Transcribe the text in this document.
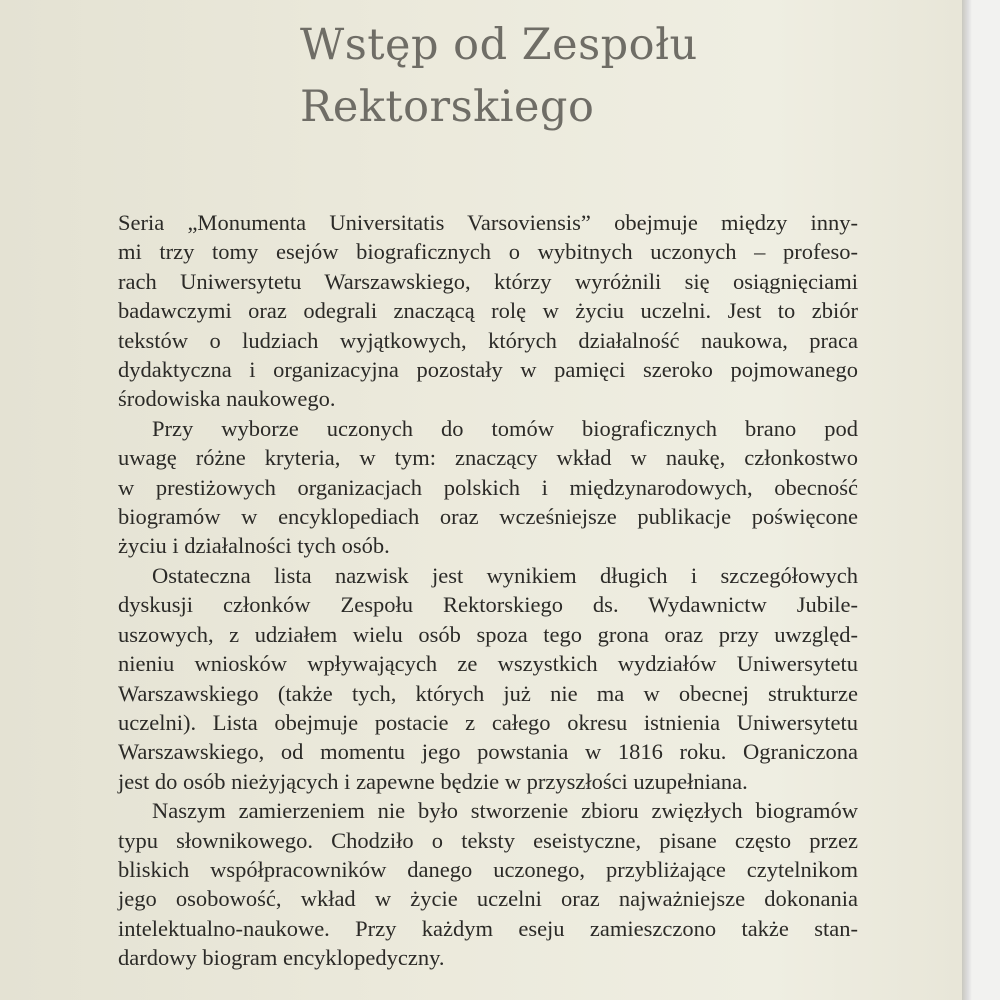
Wstęp od Zespołu
Rektorskiego
Seria „Monumenta Universitatis Varsoviensis” obejmuje między inny-
mi trzy tomy esejów biograficznych o wybitnych uczonych – profeso-
rach Uniwersytetu Warszawskiego, którzy wyróżnili się osiągnięciami
badawczymi oraz odegrali znaczącą rolę w życiu uczelni. Jest to zbiór
tekstów o ludziach wyjątkowych, których działalność naukowa, praca
dydaktyczna i organizacyjna pozostały w pamięci szeroko pojmowanego
środowiska naukowego.
Przy wyborze uczonych do tomów biograficznych brano pod
uwagę różne kryteria, w tym: znaczący wkład w naukę, członkostwo
w prestiżowych organizacjach polskich i międzynarodowych, obecność
biogramów w encyklopediach oraz wcześniejsze publikacje poświęcone
życiu i działalności tych osób.
Ostateczna lista nazwisk jest wynikiem długich i szczegółowych
dyskusji członków Zespołu Rektorskiego ds. Wydawnictw Jubile-
uszowych, z udziałem wielu osób spoza tego grona oraz przy uwzględ-
nieniu wniosków wpływających ze wszystkich wydziałów Uniwersytetu
Warszawskiego (także tych, których już nie ma w obecnej strukturze
uczelni). Lista obejmuje postacie z całego okresu istnienia Uniwersytetu
Warszawskiego, od momentu jego powstania w 1816 roku. Ograniczona
jest do osób nieżyjących i zapewne będzie w przyszłości uzupełniana.
Naszym zamierzeniem nie było stworzenie zbioru zwięzłych biogramów
typu słownikowego. Chodziło o teksty eseistyczne, pisane często przez
bliskich współpracowników danego uczonego, przybliżające czytelnikom
jego osobowość, wkład w życie uczelni oraz najważniejsze dokonania
intelektualno-naukowe. Przy każdym eseju zamieszczono także stan-
dardowy biogram encyklopedyczny.
